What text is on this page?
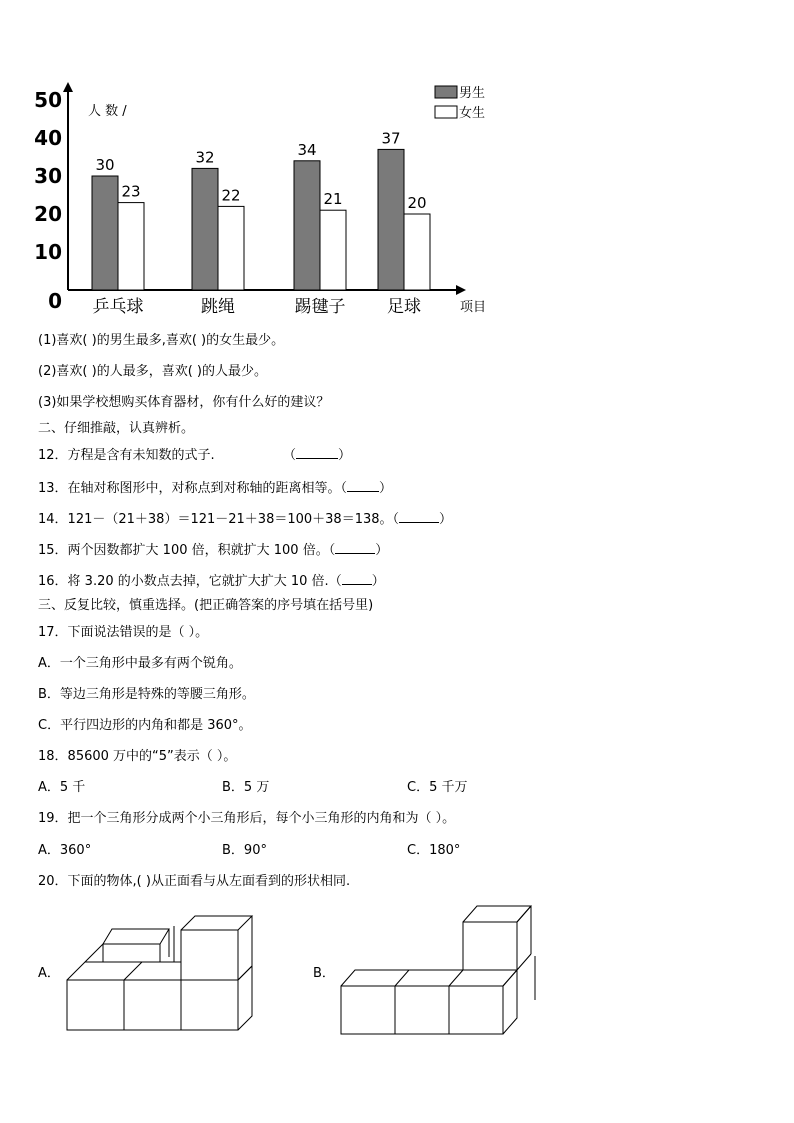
0
10
20
30
40
50 人 数 /
30
23
乒乓球
32
22
跳绳
34
21
踢毽子
37
20
足球	项目
男生
女生
(1)喜欢( )的男生最多,喜欢( )的女生最少。
(2)喜欢( )的人最多，喜欢( )的人最少。
(3)如果学校想购买体育器材，你有什么好的建议？
二、仔细推敲，认真辨析。
12．方程是含有未知数的式子.	（	）
13．在轴对称图形中，对称点到对称轴的距离相等。（ ）
14．121－（21＋38）＝121－21＋38＝100＋38＝138。（	）
15．两个因数都扩大 100 倍，积就扩大 100 倍。（	）
16．将 3.20 的小数点去掉，它就扩大扩大 10 倍.（ ）
三、反复比较，慎重选择。(把正确答案的序号填在括号里)
17．下面说法错误的是（ ）。
A．一个三角形中最多有两个锐角。
B．等边三角形是特殊的等腰三角形。
C．平行四边形的内角和都是 360°。
18．85600 万中的“5”表示（ ）。
A．5 千	B．5 万	C．5 千万
19．把一个三角形分成两个小三角形后，每个小三角形的内角和为（ ）。
A．360°	B．90°	C．180°
20．下面的物体,( )从正面看与从左面看到的形状相同.
A．	B．
